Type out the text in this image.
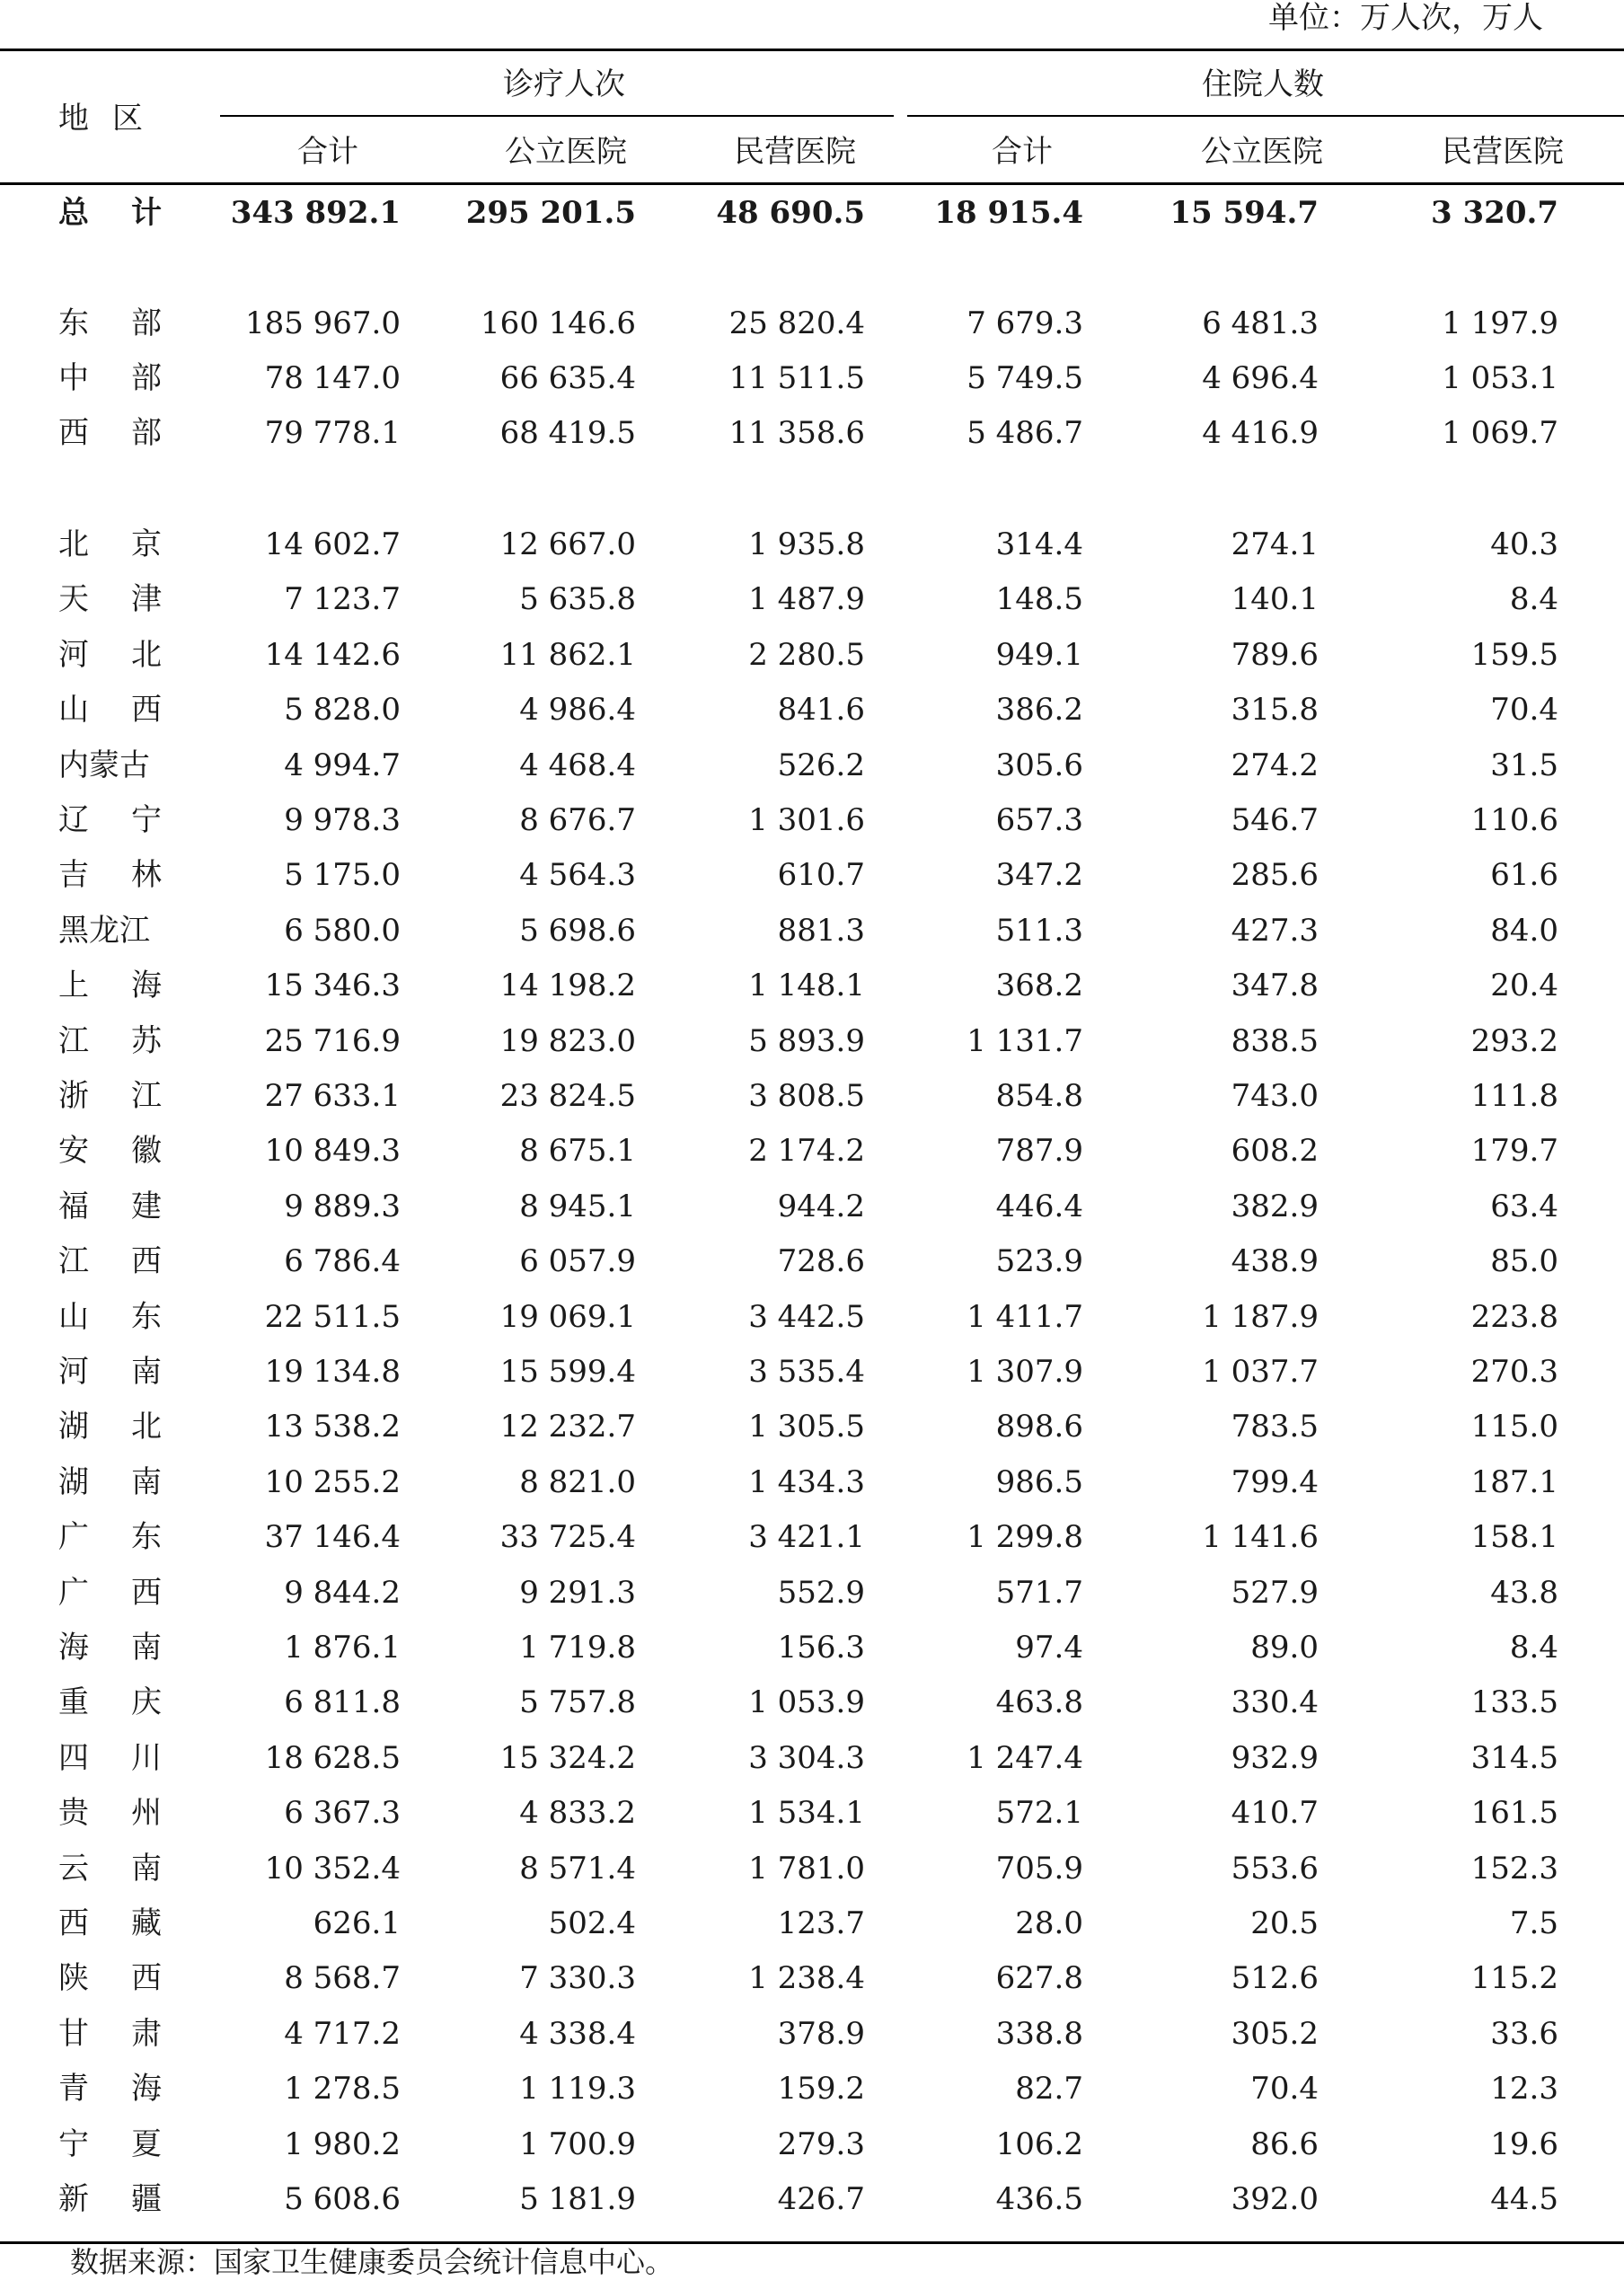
单位：万人次，万人
地区
诊疗人次	住院人数
合计	公立医院	民营医院	合计	公立医院	民营医院
总 计	343 892.1	295 201.5	48 690.5	18 915.4	15 594.7	3 320.7
东 部	185 967.0	160 146.6	25 820.4	7 679.3	6 481.3	1 197.9
中 部	78 147.0	66 635.4	11 511.5	5 749.5	4 696.4	1 053.1
西 部	79 778.1	68 419.5	11 358.6	5 486.7	4 416.9	1 069.7
北 京	14 602.7	12 667.0	1 935.8	314.4	274.1	40.3
天 津	7 123.7	5 635.8	1 487.9	148.5	140.1	8.4
河 北	14 142.6	11 862.1	2 280.5	949.1	789.6	159.5
山 西	5 828.0	4 986.4	841.6	386.2	315.8	70.4
内蒙古	4 994.7	4 468.4	526.2	305.6	274.2	31.5
辽 宁	9 978.3	8 676.7	1 301.6	657.3	546.7	110.6
吉 林	5 175.0	4 564.3	610.7	347.2	285.6	61.6
黑龙江	6 580.0	5 698.6	881.3	511.3	427.3	84.0
上 海	15 346.3	14 198.2	1 148.1	368.2	347.8	20.4
江 苏	25 716.9	19 823.0	5 893.9	1 131.7	838.5	293.2
浙 江	27 633.1	23 824.5	3 808.5	854.8	743.0	111.8
安 徽	10 849.3	8 675.1	2 174.2	787.9	608.2	179.7
福 建	9 889.3	8 945.1	944.2	446.4	382.9	63.4
江 西	6 786.4	6 057.9	728.6	523.9	438.9	85.0
山 东	22 511.5	19 069.1	3 442.5	1 411.7	1 187.9	223.8
河 南	19 134.8	15 599.4	3 535.4	1 307.9	1 037.7	270.3
湖 北	13 538.2	12 232.7	1 305.5	898.6	783.5	115.0
湖 南	10 255.2	8 821.0	1 434.3	986.5	799.4	187.1
广 东	37 146.4	33 725.4	3 421.1	1 299.8	1 141.6	158.1
广 西	9 844.2	9 291.3	552.9	571.7	527.9	43.8
海 南	1 876.1	1 719.8	156.3	97.4	89.0	8.4
重 庆	6 811.8	5 757.8	1 053.9	463.8	330.4	133.5
四 川	18 628.5	15 324.2	3 304.3	1 247.4	932.9	314.5
贵 州	6 367.3	4 833.2	1 534.1	572.1	410.7	161.5
云 南	10 352.4	8 571.4	1 781.0	705.9	553.6	152.3
西 藏	626.1	502.4	123.7	28.0	20.5	7.5
陕 西	8 568.7	7 330.3	1 238.4	627.8	512.6	115.2
甘 肃	4 717.2	4 338.4	378.9	338.8	305.2	33.6
青 海	1 278.5	1 119.3	159.2	82.7	70.4	12.3
宁 夏	1 980.2	1 700.9	279.3	106.2	86.6	19.6
新 疆	5 608.6	5 181.9	426.7	436.5	392.0	44.5
数据来源：国家卫生健康委员会统计信息中心。
